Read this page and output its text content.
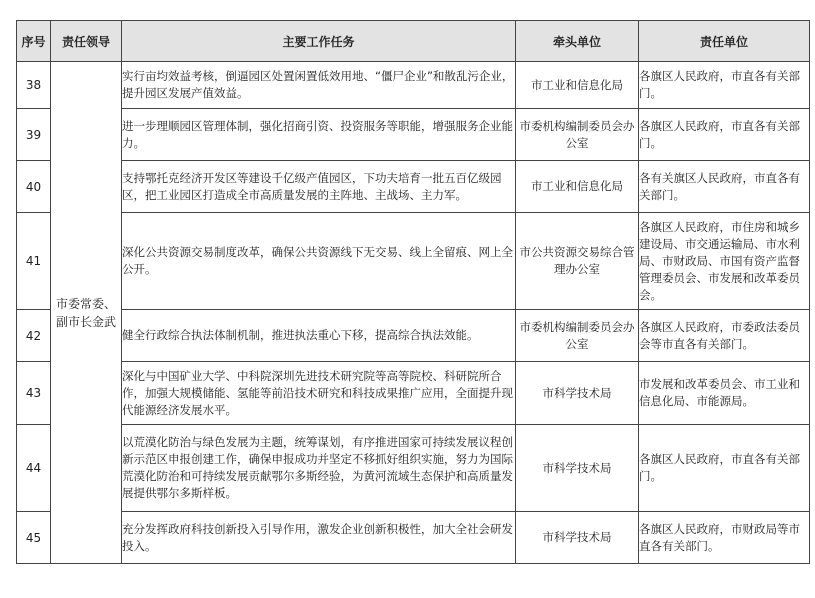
序号	责任领导	主要工作任务	牵头单位	责任单位
38	市委常委、副市长金武	实行亩均效益考核，倒逼园区处置闲置低效用地、“僵尸企业”和散乱污企业，提升园区发展产值效益。	市工业和信息化局	各旗区人民政府，市直各有关部门。
39		进一步理顺园区管理体制，强化招商引资、投资服务等职能，增强服务企业能力。	市委机构编制委员会办公室	各旗区人民政府，市直各有关部门。
40		支持鄂托克经济开发区等建设千亿级产值园区，下功夫培育一批五百亿级园区，把工业园区打造成全市高质量发展的主阵地、主战场、主力军。	市工业和信息化局	各有关旗区人民政府，市直各有关部门。
41		深化公共资源交易制度改革，确保公共资源线下无交易、线上全留痕、网上全公开。	市公共资源交易综合管理办公室	各旗区人民政府，市住房和城乡建设局、市交通运输局、市水利局、市财政局、市国有资产监督管理委员会、市发展和改革委员会。
42		健全行政综合执法体制机制，推进执法重心下移，提高综合执法效能。	市委机构编制委员会办公室	各旗区人民政府，市委政法委员会等市直各有关部门。
43		深化与中国矿业大学、中科院深圳先进技术研究院等高等院校、科研院所合作，加强大规模储能、氢能等前沿技术研究和科技成果推广应用，全面提升现代能源经济发展水平。	市科学技术局	市发展和改革委员会、市工业和信息化局、市能源局。
44		以荒漠化防治与绿色发展为主题，统筹谋划，有序推进国家可持续发展议程创新示范区申报创建工作，确保申报成功并坚定不移抓好组织实施，努力为国际荒漠化防治和可持续发展贡献鄂尔多斯经验，为黄河流域生态保护和高质量发展提供鄂尔多斯样板。	市科学技术局	各旗区人民政府，市直各有关部门。
45		充分发挥政府科技创新投入引导作用，激发企业创新积极性，加大全社会研发投入。	市科学技术局	各旗区人民政府，市财政局等市直各有关部门。
